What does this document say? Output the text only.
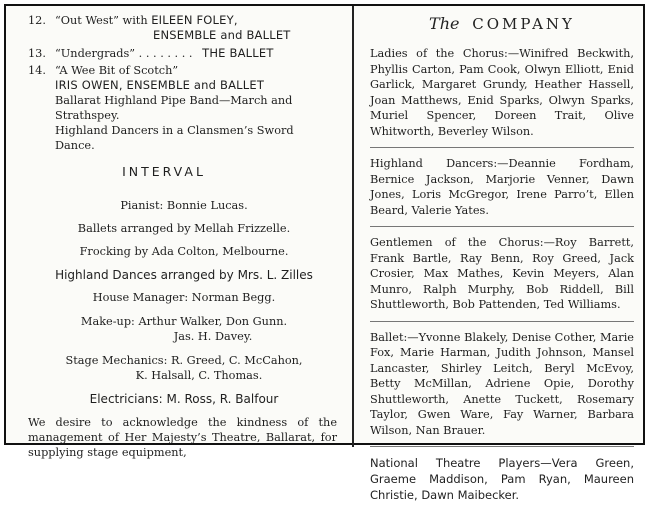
12. “Out West” with EILEEN FOLEY,
ENSEMBLE and BALLET
13. “Undergrads” . . . . . . . . THE BALLET
14. “A Wee Bit of Scotch”
IRIS OWEN, ENSEMBLE and BALLET
Ballarat Highland Pipe Band—March and Strathspey.
Highland Dancers in a Clansmen’s Sword Dance.
INTERVAL
Pianist: Bonnie Lucas.
Ballets arranged by Mellah Frizzelle.
Frocking by Ada Colton, Melbourne.
Highland Dances arranged by Mrs. L. Zilles
House Manager: Norman Begg.
Make-up: Arthur Walker, Don Gunn.
Jas. H. Davey.
Stage Mechanics: R. Greed, C. McCahon,
K. Halsall, C. Thomas.
Electricians: M. Ross, R. Balfour
We desire to acknowledge the kindness of the management of Her Majesty’s Theatre, Ballarat, for supplying stage equipment,
The COMPANY
Ladies of the Chorus:—Winifred Beckwith, Phyllis Carton, Pam Cook, Olwyn Elliott, Enid Garlick, Margaret Grundy, Heather Hassell, Joan Matthews, Enid Sparks, Olwyn Sparks, Muriel Spencer, Doreen Trait, Olive Whitworth, Beverley Wilson.
Highland Dancers:—Deannie Fordham, Bernice Jackson, Marjorie Venner, Dawn Jones, Loris McGregor, Irene Parro’t, Ellen Beard, Valerie Yates.
Gentlemen of the Chorus:—Roy Barrett, Frank Bartle, Ray Benn, Roy Greed, Jack Crosier, Max Mathes, Kevin Meyers, Alan Munro, Ralph Murphy, Bob Riddell, Bill Shuttleworth, Bob Pattenden, Ted Williams.
Ballet:—Yvonne Blakely, Denise Cother, Marie Fox, Marie Harman, Judith Johnson, Mansel Lancaster, Shirley Leitch, Beryl McEvoy, Betty McMillan, Adriene Opie, Dorothy Shuttleworth, Anette Tuckett, Rosemary Taylor, Gwen Ware, Fay Warner, Barbara Wilson, Nan Brauer.
National Theatre Players—Vera Green, Graeme Maddison, Pam Ryan, Maureen Christie, Dawn Maibecker.
